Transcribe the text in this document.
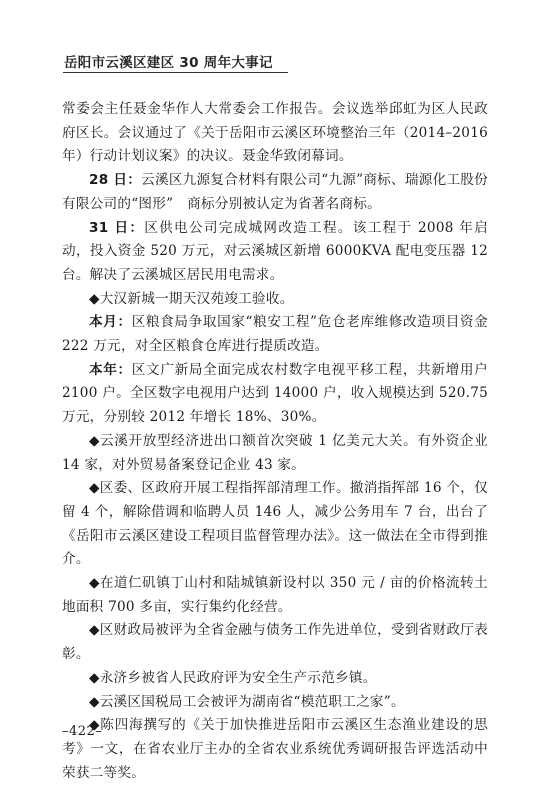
岳阳市云溪区建区 30 周年大事记

常委会主任聂金华作人大常委会工作报告。会议选举邱虹为区人民政府区长。会议通过了《关于岳阳市云溪区环境整治三年（2014–2016年）行动计划议案》的决议。聂金华致闭幕词。

28 日：云溪区九源复合材料有限公司“九源”商标、瑞源化工股份有限公司的“图形”　商标分别被认定为省著名商标。

31 日：区供电公司完成城网改造工程。该工程于 2008 年启动，投入资金 520 万元，对云溪城区新增 6000KVA 配电变压器 12 台。解决了云溪城区居民用电需求。

◆大汉新城一期天汉苑竣工验收。

本月：区粮食局争取国家“粮安工程”危仓老库维修改造项目资金 222 万元，对全区粮食仓库进行提质改造。

本年：区文广新局全面完成农村数字电视平移工程，共新增用户 2100 户。全区数字电视用户达到 14000 户，收入规模达到 520.75 万元，分别较 2012 年增长 18%、30%。

◆云溪开放型经济进出口额首次突破 1 亿美元大关。有外资企业 14 家，对外贸易备案登记企业 43 家。

◆区委、区政府开展工程指挥部清理工作。撤消指挥部 16 个，仅留 4 个，解除借调和临聘人员 146 人，减少公务用车 7 台，出台了《岳阳市云溪区建设工程项目监督管理办法》。这一做法在全市得到推介。

◆在道仁矶镇丁山村和陆城镇新设村以 350 元 / 亩的价格流转土地面积 700 多亩，实行集约化经营。

◆区财政局被评为全省金融与债务工作先进单位，受到省财政厅表彰。

◆永济乡被省人民政府评为安全生产示范乡镇。

◆云溪区国税局工会被评为湖南省“模范职工之家”。

◆陈四海撰写的《关于加快推进岳阳市云溪区生态渔业建设的思考》一文，在省农业厅主办的全省农业系统优秀调研报告评选活动中荣获二等奖。

–422–
